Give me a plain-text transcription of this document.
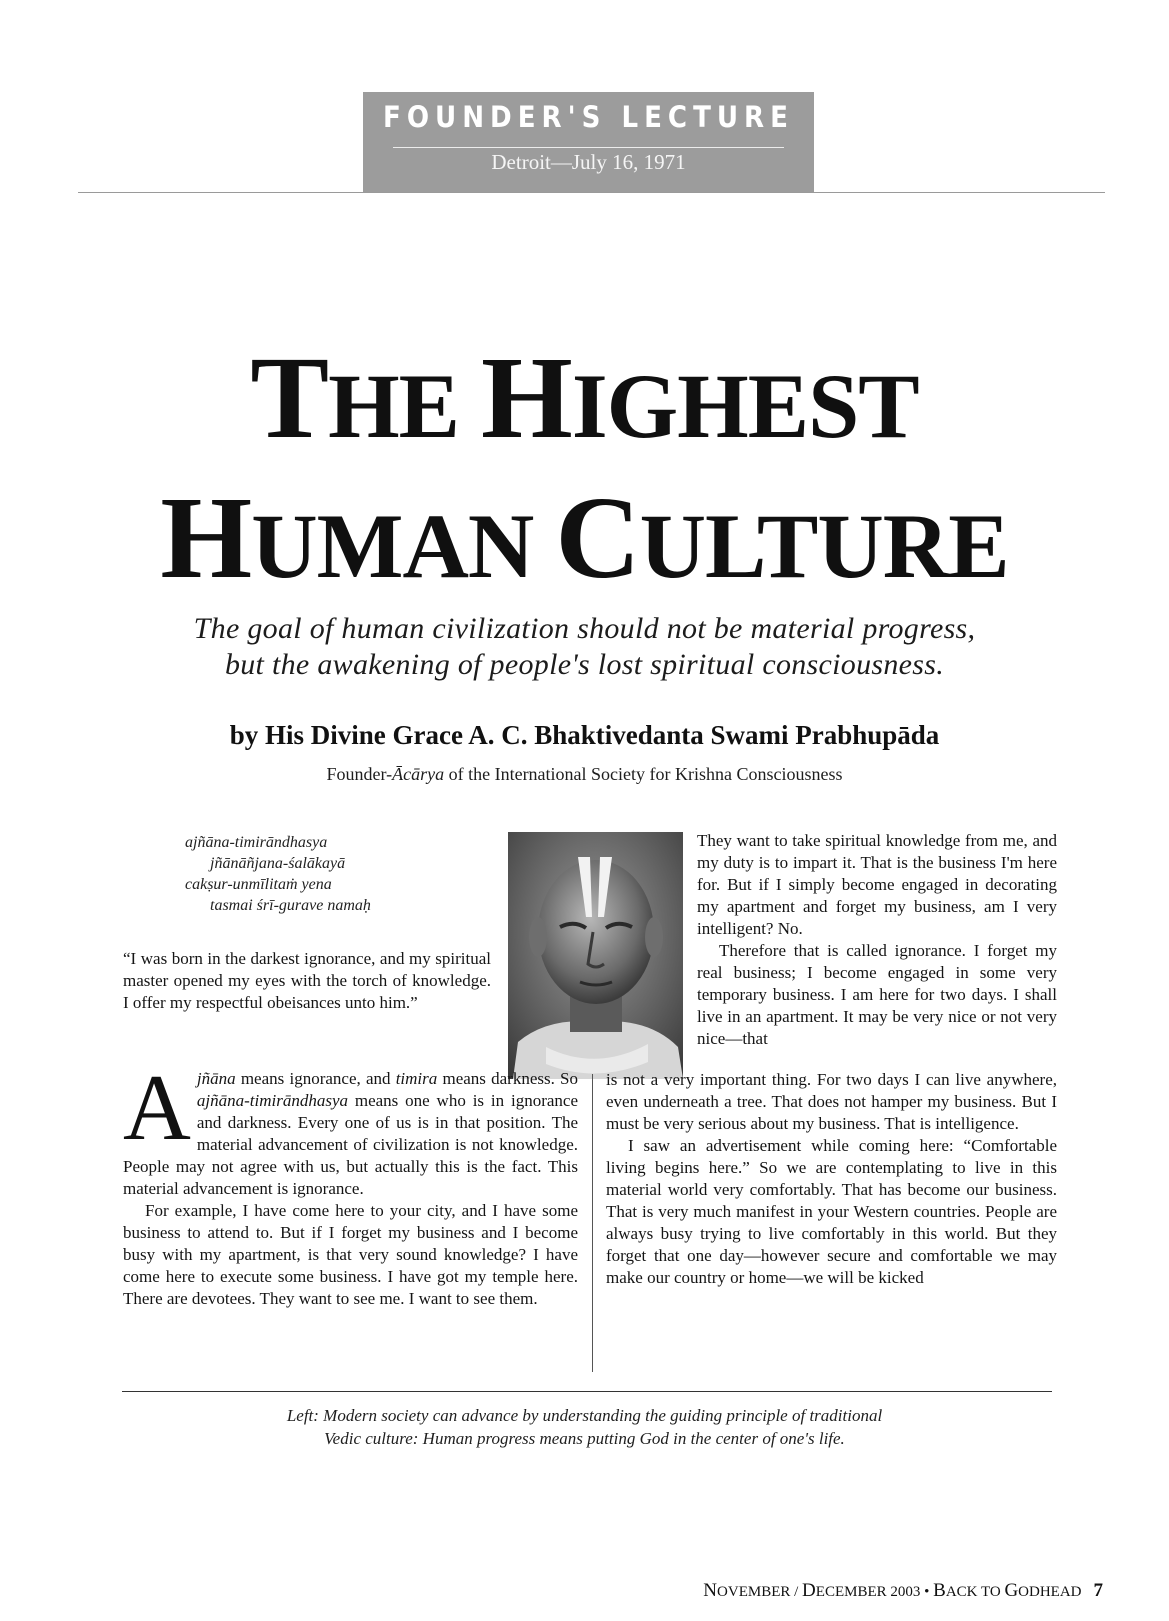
FOUNDER'S LECTURE
Detroit—July 16, 1971
THE HIGHEST
HUMAN CULTURE
The goal of human civilization should not be material progress,
but the awakening of people's lost spiritual consciousness.
by His Divine Grace A. C. Bhaktivedanta Swami Prabhupāda
Founder-Ācārya of the International Society for Krishna Consciousness
ajñāna-timirāndhasya
jñānāñjana-śalākayā
cakṣur-unmīlitaṁ yena
tasmai śrī-gurave namaḥ
“I was born in the darkest ignorance, and my spiritual master opened my eyes with the torch of knowledge. I offer my respectful obeisances unto him.”

Ajñāna means ignorance, and timira means darkness. So ajñāna-timirāndhasya means one who is in ignorance and darkness. Every one of us is in that position. The material advancement of civilization is not knowledge. People may not agree with us, but actually this is the fact. This material advancement is ignorance.

For example, I have come here to your city, and I have some business to attend to. But if I forget my business and I become busy with my apartment, is that very sound knowledge? I have come here to execute some business. I have got my temple here. There are devotees. They want to see me. I want to see them.

They want to take spiritual knowledge from me, and my duty is to impart it. That is the business I'm here for. But if I simply become engaged in decorating my apartment and forget my business, am I very intelligent? No.

Therefore that is called ignorance. I forget my real business; I become engaged in some very temporary business. I am here for two days. I shall live in an apartment. It may be very nice or not very nice—that

is not a very important thing. For two days I can live anywhere, even underneath a tree. That does not hamper my business. But I must be very serious about my business. That is intelligence.

I saw an advertisement while coming here: “Comfortable living begins here.” So we are contemplating to live in this material world very comfortably. That has become our business. That is very much manifest in your Western countries. People are always busy trying to live comfortably in this world. But they forget that one day—however secure and comfortable we may make our country or home—we will be kicked

Left: Modern society can advance by understanding the guiding principle of traditional
Vedic culture: Human progress means putting God in the center of one's life.
NOVEMBER / DECEMBER 2003 • BACK TO GODHEAD 7
